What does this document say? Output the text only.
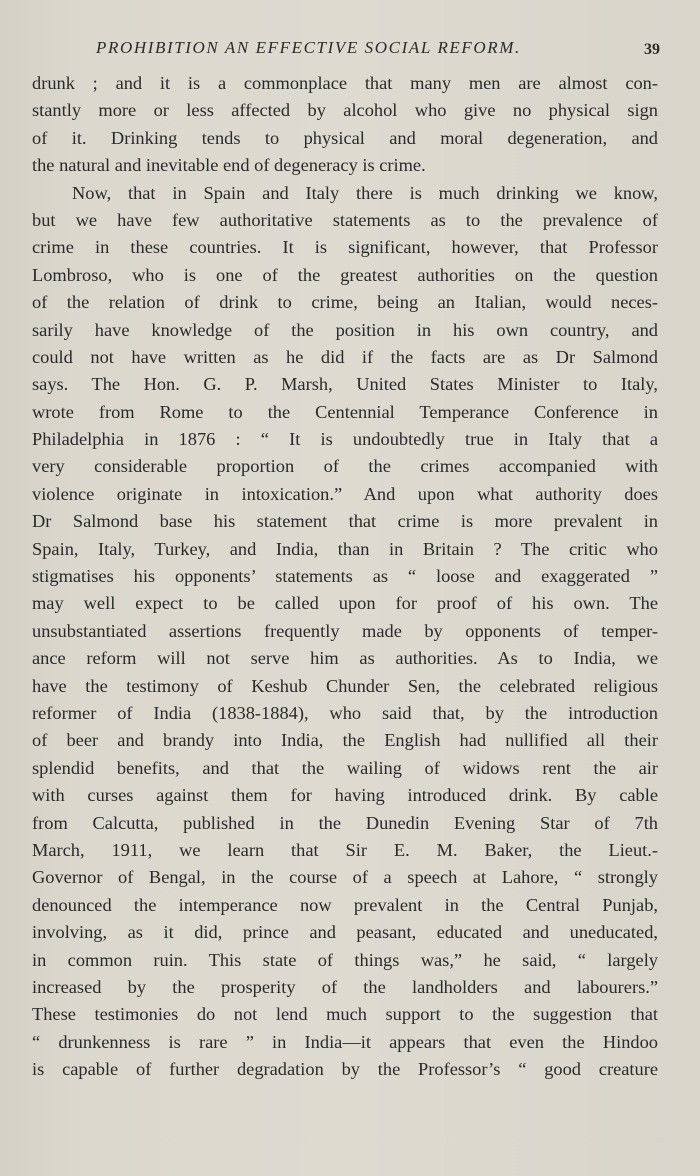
PROHIBITION AN EFFECTIVE SOCIAL REFORM.	39
drunk ; and it is a commonplace that many men are almost con-
stantly more or less affected by alcohol who give no physical sign
of it. Drinking tends to physical and moral degeneration, and
the natural and inevitable end of degeneracy is crime.
Now, that in Spain and Italy there is much drinking we know,
but we have few authoritative statements as to the prevalence of
crime in these countries. It is significant, however, that Professor
Lombroso, who is one of the greatest authorities on the question
of the relation of drink to crime, being an Italian, would neces-
sarily have knowledge of the position in his own country, and
could not have written as he did if the facts are as Dr Salmond
says. The Hon. G. P. Marsh, United States Minister to Italy,
wrote from Rome to the Centennial Temperance Conference in
Philadelphia in 1876 : “ It is undoubtedly true in Italy that a
very considerable proportion of the crimes accompanied with
violence originate in intoxication.” And upon what authority does
Dr Salmond base his statement that crime is more prevalent in
Spain, Italy, Turkey, and India, than in Britain ? The critic who
stigmatises his opponents’ statements as “ loose and exaggerated ”
may well expect to be called upon for proof of his own. The
unsubstantiated assertions frequently made by opponents of temper-
ance reform will not serve him as authorities. As to India, we
have the testimony of Keshub Chunder Sen, the celebrated religious
reformer of India (1838-1884), who said that, by the introduction
of beer and brandy into India, the English had nullified all their
splendid benefits, and that the wailing of widows rent the air
with curses against them for having introduced drink. By cable
from Calcutta, published in the Dunedin Evening Star of 7th
March, 1911, we learn that Sir E. M. Baker, the Lieut.-
Governor of Bengal, in the course of a speech at Lahore, “ strongly
denounced the intemperance now prevalent in the Central Punjab,
involving, as it did, prince and peasant, educated and uneducated,
in common ruin. This state of things was,” he said, “ largely
increased by the prosperity of the landholders and labourers.”
These testimonies do not lend much support to the suggestion that
“ drunkenness is rare ” in India—it appears that even the Hindoo
is capable of further degradation by the Professor’s “ good creature
